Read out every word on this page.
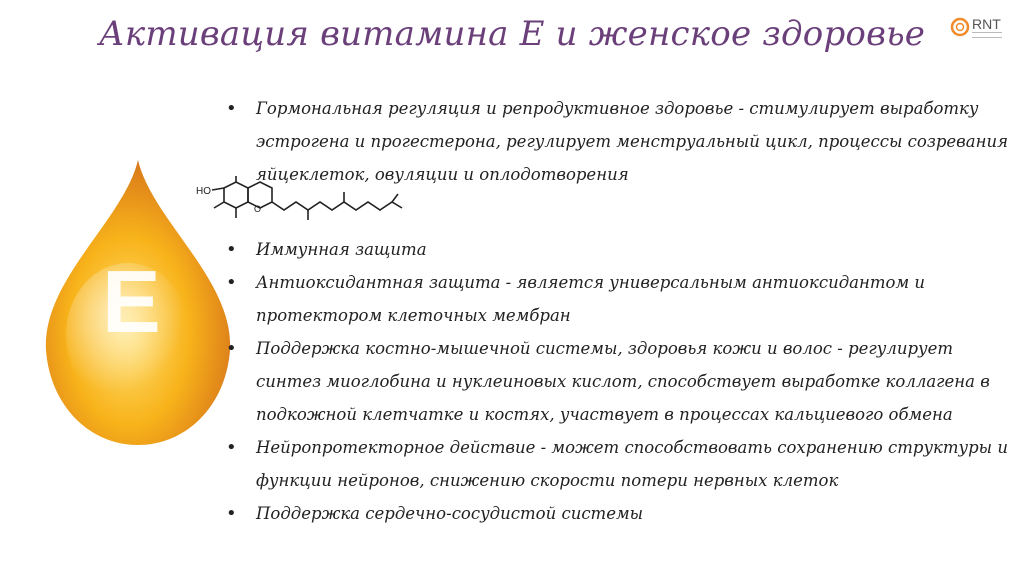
Активация витамина Е и женское здоровье	RNT
E
HO
O
• Гормональная регуляция и репродуктивное здоровье - стимулирует выработку эстрогена и прогестерона, регулирует менструальный цикл, процессы созревания яйцеклеток, овуляции и оплодотворения
• Иммунная защита
• Антиоксидантная защита - является универсальным антиоксидантом и протектором клеточных мембран
• Поддержка костно-мышечной системы, здоровья кожи и волос - регулирует синтез миоглобина и нуклеиновых кислот, способствует выработке коллагена в подкожной клетчатке и костях, участвует в процессах кальциевого обмена
• Нейропротекторное действие - может способствовать сохранению структуры и функции нейронов, снижению скорости потери нервных клеток
• Поддержка сердечно-сосудистой системы
